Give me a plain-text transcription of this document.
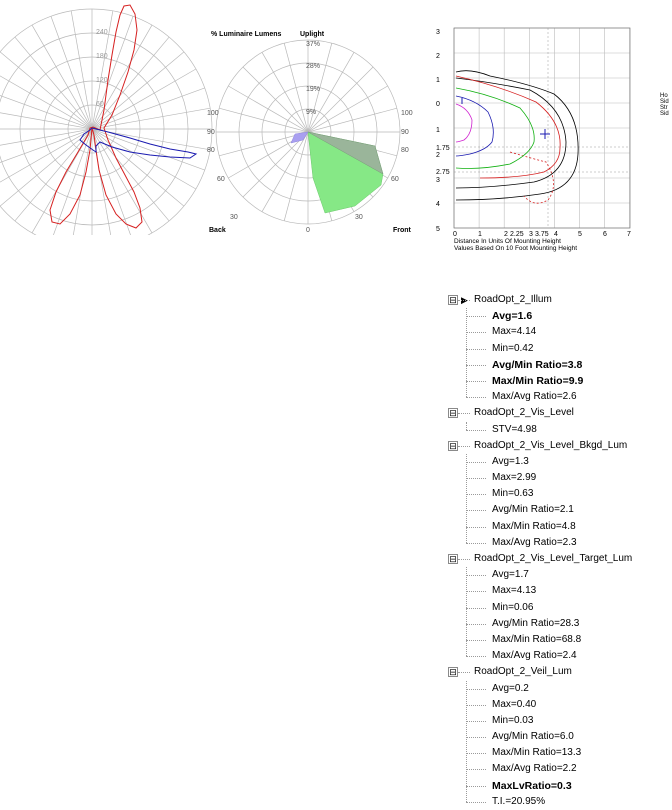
240
180
120
60
% Luminaire Lumens	Uplight
37%
28%
19%
9%
100
90
80
60
30
0
100
90
80
60
30
Back	Front
3
2
1
0
1
1.75
2
2.75
3
4
5
0	1	2 2.25 3 3.75 4	5	6	7
Distance In Units Of Mounting Height
Values Based On 10 Foot Mounting Height
Ho
Sid
Str
Sid
⊟ ▶ RoadOpt_2_Illum
Avg=1.6
Max=4.14
Min=0.42
Avg/Min Ratio=3.8
Max/Min Ratio=9.9
Max/Avg Ratio=2.6
⊟ RoadOpt_2_Vis_Level
STV=4.98
⊟ RoadOpt_2_Vis_Level_Bkgd_Lum
Avg=1.3
Max=2.99
Min=0.63
Avg/Min Ratio=2.1
Max/Min Ratio=4.8
Max/Avg Ratio=2.3
⊟ RoadOpt_2_Vis_Level_Target_Lum
Avg=1.7
Max=4.13
Min=0.06
Avg/Min Ratio=28.3
Max/Min Ratio=68.8
Max/Avg Ratio=2.4
⊟ RoadOpt_2_Veil_Lum
Avg=0.2
Max=0.40
Min=0.03
Avg/Min Ratio=6.0
Max/Min Ratio=13.3
Max/Avg Ratio=2.2
MaxLvRatio=0.3
T.I.=20.95%
